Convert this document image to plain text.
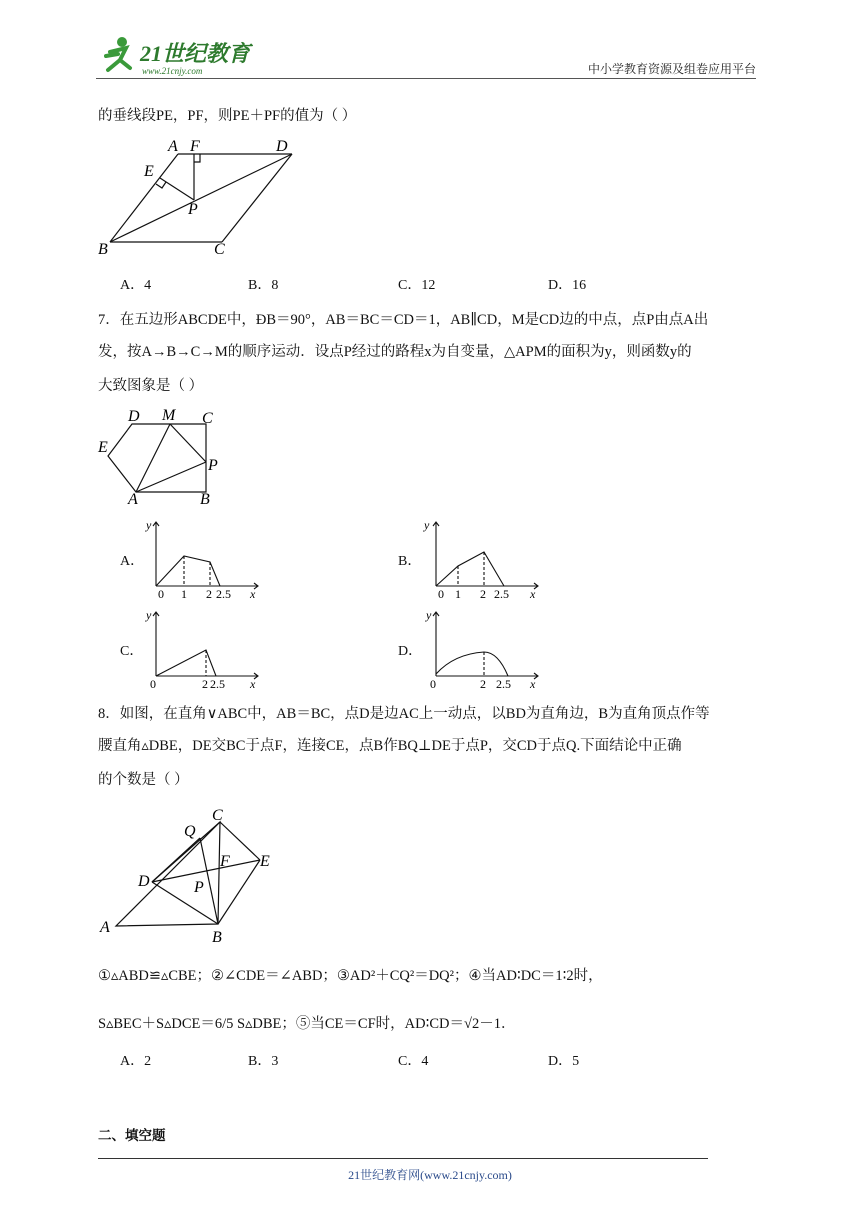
21世纪教育
www.21cnjy.com	中小学教育资源及组卷应用平台
的垂线段PE，PF，则PE＋PF的值为（ ）
A F	D
E
P
B	C
A．4	B．8	C．12	D．16
7．在五边形ABCDE中，ÐB＝90°，AB＝BC＝CD＝1，AB∥CD，M是CD边的中点，点P由点A出
发，按A→B→C→M的顺序运动．设点P经过的路程x为自变量，△APM的面积为y，则函数y的
大致图象是（ ）
D M C
E
P
A	B
A．
y
x
0 1 2 2.5
B．
y
x
0 1 2 2.5
C．
y
x
0	2 2.5
D．
y
x
0	2 2.5
8．如图，在直角∨ABC中，AB＝BC，点D是边AC上一动点，以BD为直角边，B为直角顶点作等
腰直角▵DBE，DE交BC于点F，连接CE，点B作BQ⊥DE于点P，交CD于点Q.下面结论中正确
的个数是（ ）
C
Q
F E
D	P
A
B
①▵ABD≌▵CBE；②∠CDE＝∠ABD；③AD²＋CQ²＝DQ²；④当AD∶DC＝1∶2时，
S▵BEC＋S▵DCE＝6/5 S▵DBE；⑤当CE＝CF时，AD∶CD＝√2－1．
A．2	B．3	C．4	D．5
二、填空题
21世纪教育网(www.21cnjy.com)
